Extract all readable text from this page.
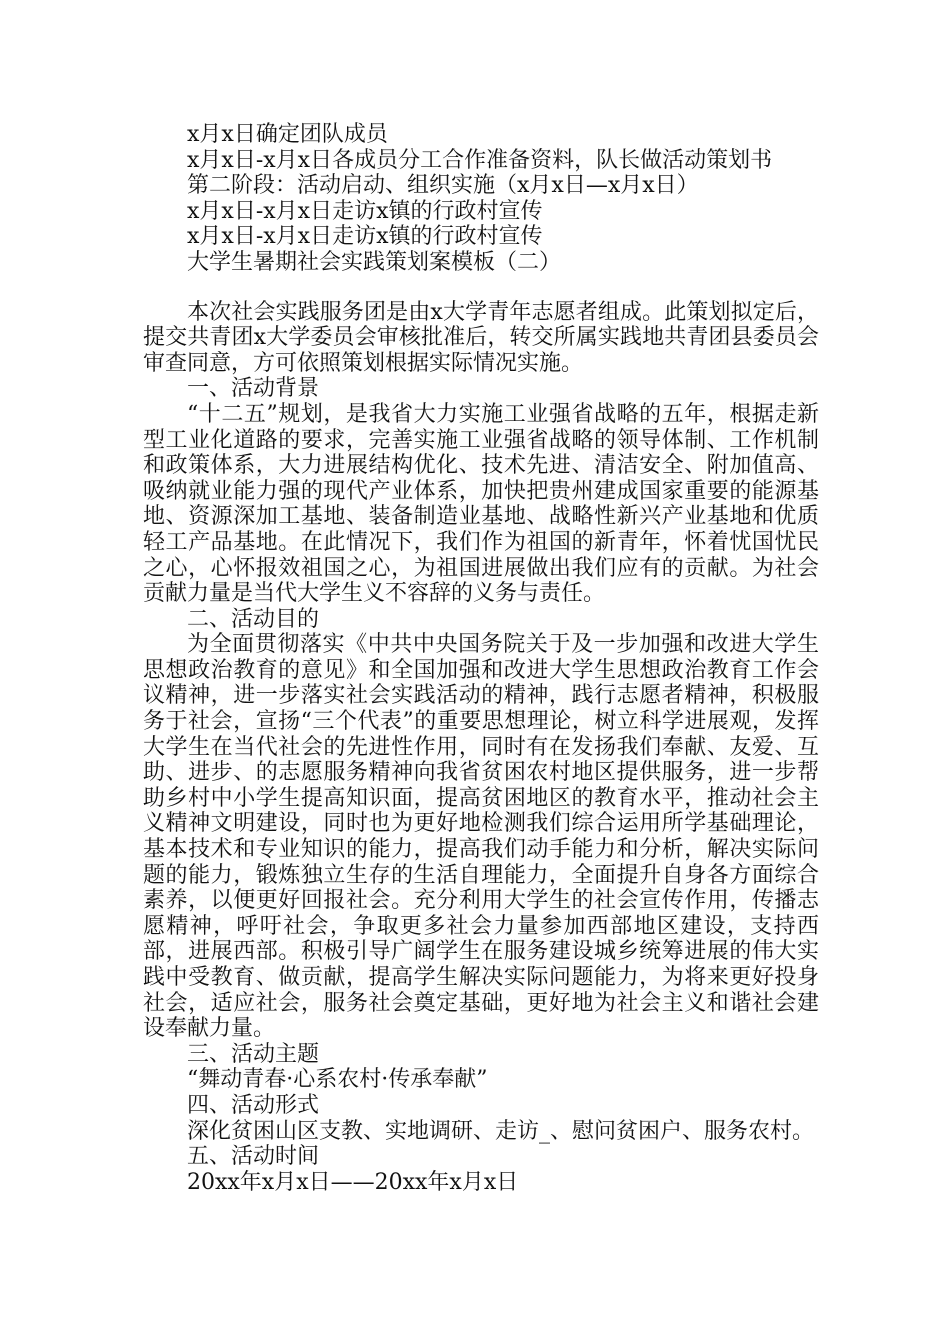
x月x日确定团队成员

x月x日-x月x日各成员分工合作准备资料，队长做活动策划书

第二阶段：活动启动、组织实施（x月x日—x月x日）

x月x日-x月x日走访x镇的行政村宣传

x月x日-x月x日走访x镇的行政村宣传

大学生暑期社会实践策划案模板（二）

本次社会实践服务团是由x大学青年志愿者组成。此策划拟定后，提交共青团x大学委员会审核批准后，转交所属实践地共青团县委员会审查同意，方可依照策划根据实际情况实施。

一、活动背景

“十二五”规划，是我省大力实施工业强省战略的五年，根据走新型工业化道路的要求，完善实施工业强省战略的领导体制、工作机制和政策体系，大力进展结构优化、技术先进、清洁安全、附加值高、吸纳就业能力强的现代产业体系，加快把贵州建成国家重要的能源基地、资源深加工基地、装备制造业基地、战略性新兴产业基地和优质轻工产品基地。在此情况下，我们作为祖国的新青年，怀着忧国忧民之心，心怀报效祖国之心，为祖国进展做出我们应有的贡献。为社会贡献力量是当代大学生义不容辞的义务与责任。

二、活动目的

为全面贯彻落实《中共中央国务院关于及一步加强和改进大学生思想政治教育的意见》和全国加强和改进大学生思想政治教育工作会议精神，进一步落实社会实践活动的精神，践行志愿者精神，积极服务于社会，宣扬“三个代表”的重要思想理论，树立科学进展观，发挥大学生在当代社会的先进性作用，同时有在发扬我们奉献、友爱、互助、进步、的志愿服务精神向我省贫困农村地区提供服务，进一步帮助乡村中小学生提高知识面，提高贫困地区的教育水平，推动社会主义精神文明建设，同时也为更好地检测我们综合运用所学基础理论，基本技术和专业知识的能力，提高我们动手能力和分析，解决实际问题的能力，锻炼独立生存的生活自理能力，全面提升自身各方面综合素养，以便更好回报社会。充分利用大学生的社会宣传作用，传播志愿精神，呼吁社会，争取更多社会力量参加西部地区建设，支持西部，进展西部。积极引导广阔学生在服务建设城乡统筹进展的伟大实践中受教育、做贡献，提高学生解决实际问题能力，为将来更好投身社会，适应社会，服务社会奠定基础，更好地为社会主义和谐社会建设奉献力量。

三、活动主题

“舞动青春·心系农村·传承奉献”

四、活动形式

深化贫困山区支教、实地调研、走访_、慰问贫困户、服务农村。

五、活动时间

20xx年x月x日——20xx年x月x日
